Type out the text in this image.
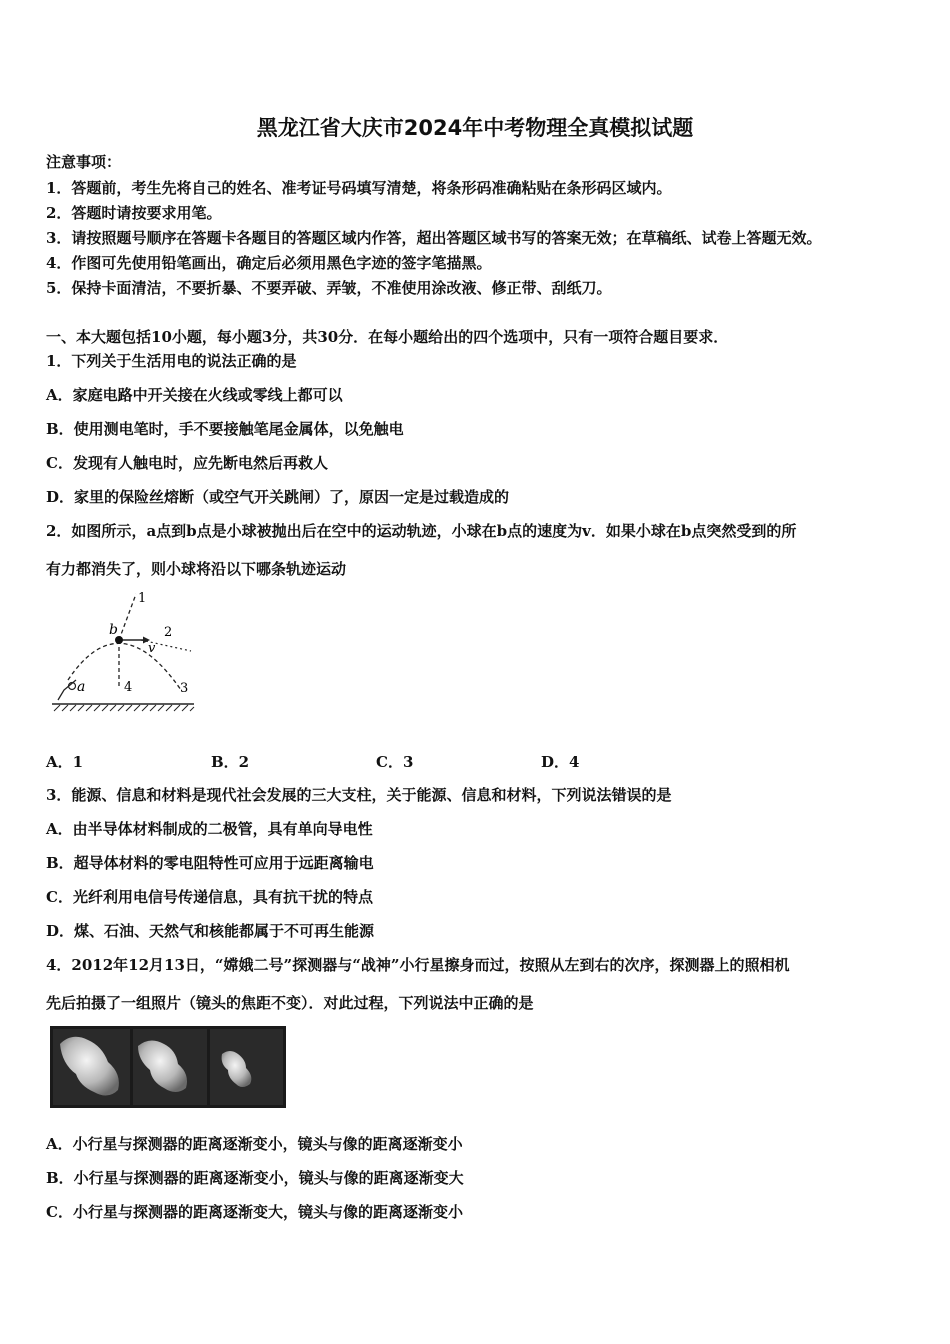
黑龙江省大庆市2024年中考物理全真模拟试题
注意事项：
1．答题前，考生先将自己的姓名、准考证号码填写清楚，将条形码准确粘贴在条形码区域内。
2．答题时请按要求用笔。
3．请按照题号顺序在答题卡各题目的答题区域内作答，超出答题区域书写的答案无效；在草稿纸、试卷上答题无效。
4．作图可先使用铅笔画出，确定后必须用黑色字迹的签字笔描黑。
5．保持卡面清洁，不要折暴、不要弄破、弄皱，不准使用涂改液、修正带、刮纸刀。
一、本大题包括10小题，每小题3分，共30分．在每小题给出的四个选项中，只有一项符合题目要求．
1．下列关于生活用电的说法正确的是
A．家庭电路中开关接在火线或零线上都可以
B．使用测电笔时，手不要接触笔尾金属体，以免触电
C．发现有人触电时，应先断电然后再救人
D．家里的保险丝熔断（或空气开关跳闸）了，原因一定是过载造成的
2．如图所示，a点到b点是小球被抛出后在空中的运动轨迹，小球在b点的速度为v．如果小球在b点突然受到的所
有力都消失了，则小球将沿以下哪条轨迹运动
1
2
3
4
a
b
v
A．1	B．2	C．3	D．4
3．能源、信息和材料是现代社会发展的三大支柱，关于能源、信息和材料，下列说法错误的是
A．由半导体材料制成的二极管，具有单向导电性
B．超导体材料的零电阻特性可应用于远距离输电
C．光纤利用电信号传递信息，具有抗干扰的特点
D．煤、石油、天然气和核能都属于不可再生能源
4．2012年12月13日，“嫦娥二号”探测器与“战神”小行星擦身而过，按照从左到右的次序，探测器上的照相机
先后拍摄了一组照片（镜头的焦距不变）．对此过程，下列说法中正确的是
A．小行星与探测器的距离逐渐变小，镜头与像的距离逐渐变小
B．小行星与探测器的距离逐渐变小，镜头与像的距离逐渐变大
C．小行星与探测器的距离逐渐变大，镜头与像的距离逐渐变小
